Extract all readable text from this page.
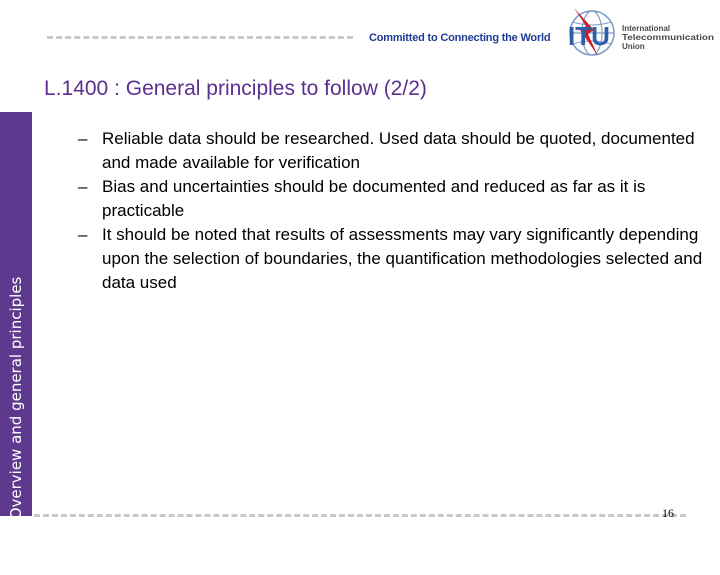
Committed to Connecting the World ITU International
Telecommunication
Union
L.1400 Overview and general principles
L.1400 : General principles to follow (2/2)
– Reliable data should be researched. Used data should be quoted, documented and made available for verification
– Bias and uncertainties should be documented and reduced as far as it is practicable
– It should be noted that results of assessments may vary significantly depending upon the selection of boundaries, the quantification methodologies selected and data used
16
